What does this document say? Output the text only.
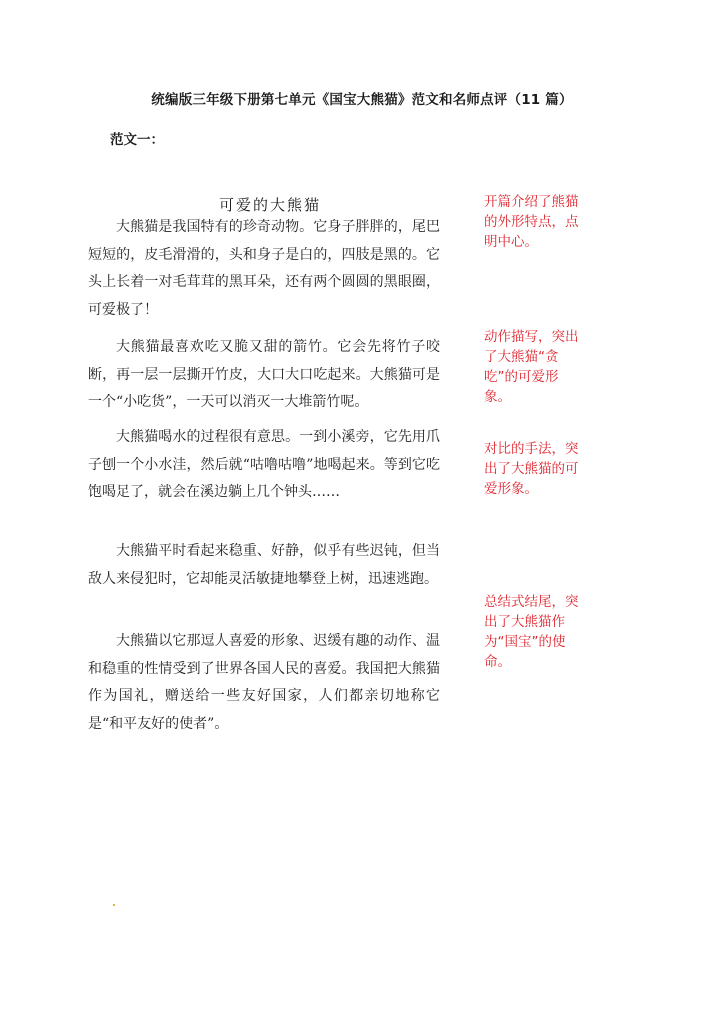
统编版三年级下册第七单元《国宝大熊猫》范文和名师点评（11 篇）
范文一：
可爱的大熊猫

大熊猫是我国特有的珍奇动物。它身子胖胖的，尾巴短短的，皮毛滑滑的，头和身子是白的，四肢是黑的。它头上长着一对毛茸茸的黑耳朵，还有两个圆圆的黑眼圈，可爱极了！

大熊猫最喜欢吃又脆又甜的箭竹。它会先将竹子咬断，再一层一层撕开竹皮，大口大口吃起来。大熊猫可是一个“小吃货”，一天可以消灭一大堆箭竹呢。

大熊猫喝水的过程很有意思。一到小溪旁，它先用爪子刨一个小水洼，然后就“咕噜咕噜”地喝起来。等到它吃饱喝足了，就会在溪边躺上几个钟头……

大熊猫平时看起来稳重、好静，似乎有些迟钝，但当敌人来侵犯时，它却能灵活敏捷地攀登上树，迅速逃跑。

大熊猫以它那逗人喜爱的形象、迟缓有趣的动作、温和稳重的性情受到了世界各国人民的喜爱。我国把大熊猫作为国礼，赠送给一些友好国家，人们都亲切地称它是“和平友好的使者”。

开篇介绍了熊猫的外形特点，点明中心。
动作描写，突出了大熊猫“贪吃”的可爱形象。
对比的手法，突出了大熊猫的可爱形象。
总结式结尾，突出了大熊猫作为“国宝”的使命。
